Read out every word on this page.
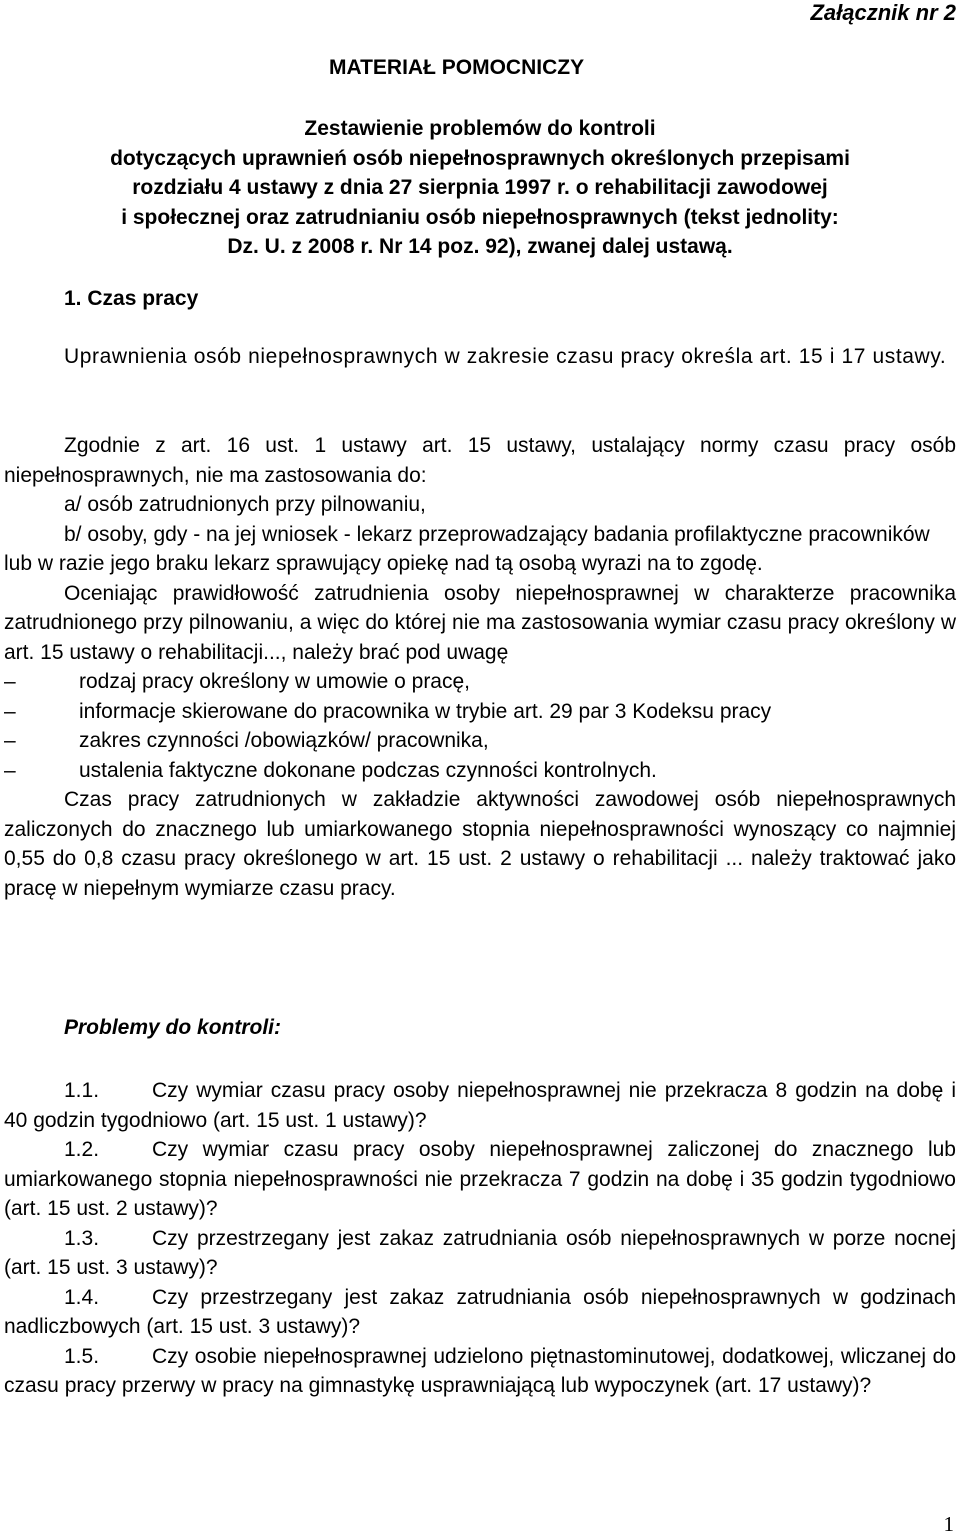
Załącznik nr 2
MATERIAŁ POMOCNICZY
Zestawienie problemów do kontroli
dotyczących uprawnień osób niepełnosprawnych określonych przepisami
rozdziału 4 ustawy z dnia 27 sierpnia 1997 r. o rehabilitacji zawodowej
i społecznej oraz zatrudnianiu osób niepełnosprawnych (tekst jednolity:
Dz. U. z 2008 r. Nr 14 poz. 92), zwanej dalej ustawą.
1. Czas pracy

Uprawnienia osób niepełnosprawnych w zakresie czasu pracy określa art. 15 i 17 ustawy.

Zgodnie z art. 16 ust. 1 ustawy art. 15 ustawy, ustalający normy czasu pracy osób niepełnosprawnych, nie ma zastosowania do:

a/ osób zatrudnionych przy pilnowaniu,
b/ osoby, gdy - na jej wniosek - lekarz przeprowadzający badania profilaktyczne pracowników lub w razie jego braku lekarz sprawujący opiekę nad tą osobą wyrazi na to zgodę.

Oceniając prawidłowość zatrudnienia osoby niepełnosprawnej w charakterze pracownika zatrudnionego przy pilnowaniu, a więc do której nie ma zastosowania wymiar czasu pracy określony w art. 15 ustawy o rehabilitacji..., należy brać pod uwagę

–	rodzaj pracy określony w umowie o pracę,
–	informacje skierowane do pracownika w trybie art. 29 par 3 Kodeksu pracy
–	zakres czynności /obowiązków/ pracownika,
–	ustalenia faktyczne dokonane podczas czynności kontrolnych.

Czas pracy zatrudnionych w zakładzie aktywności zawodowej osób niepełnosprawnych zaliczonych do znacznego lub umiarkowanego stopnia niepełnosprawności wynoszący co najmniej 0,55 do 0,8 czasu pracy określonego w art. 15 ust. 2 ustawy o rehabilitacji ... należy traktować jako pracę w niepełnym wymiarze czasu pracy.

Problemy do kontroli:

1.1.	Czy wymiar czasu pracy osoby niepełnosprawnej nie przekracza 8 godzin na dobę i 40 godzin tygodniowo (art. 15 ust. 1 ustawy)?

1.2.	Czy wymiar czasu pracy osoby niepełnosprawnej zaliczonej do znacznego lub umiarkowanego stopnia niepełnosprawności nie przekracza 7 godzin na dobę i 35 godzin tygodniowo (art. 15 ust. 2 ustawy)?

1.3.	Czy przestrzegany jest zakaz zatrudniania osób niepełnosprawnych w porze nocnej (art. 15 ust. 3 ustawy)?

1.4.	Czy przestrzegany jest zakaz zatrudniania osób niepełnosprawnych w godzinach nadliczbowych (art. 15 ust. 3 ustawy)?

1.5.	Czy osobie niepełnosprawnej udzielono piętnastominutowej, dodatkowej, wliczanej do czasu pracy przerwy w pracy na gimnastykę usprawniającą lub wypoczynek (art. 17 ustawy)?

1
